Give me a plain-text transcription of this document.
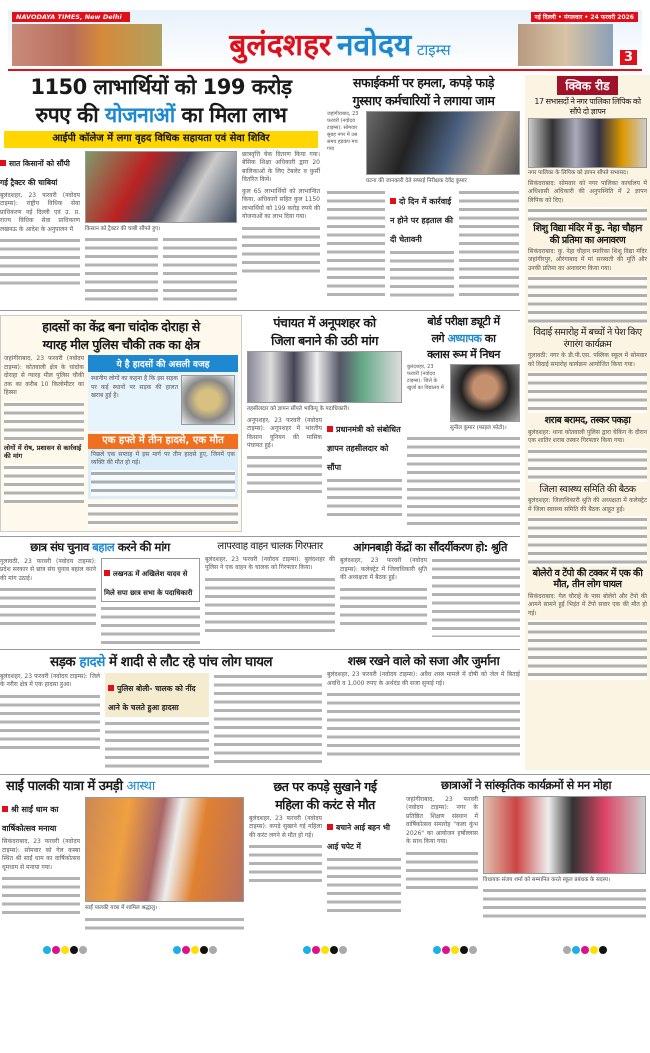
NAVODAYA TIMES, New Delhi	नई दिल्ली • मंगलवार • 24 फरवरी 2026
बुलंदशहर नवोदय टाइम्स	3
1150 लाभार्थियों को 199 करोड़
रुपए की योजनाओं का मिला लाभ
आईपी कॉलेज में लगा वृहद विधिक सहायता एवं सेवा शिविर
सात किसानों को सौंपी गई ट्रैक्टर की चाबियां
बुलंदशहर, 23 फरवरी (नवोदय टाइम्स): राष्ट्रीय विधिक सेवा प्राधिकरण नई दिल्ली एवं उ. प्र. राज्य विधिक सेवा प्राधिकरण लखनऊ के आदेश के अनुपालन में	किसान को ट्रैक्टर की चाबी सौंपते हुए।
छात्रवृत्ति चेक वितरण किया गया। बेसिक शिक्षा अधिकारी द्वारा 20 बालिकाओं के लिए टेबलेट व कुर्सी वितरित किये।
कुल 65 लाभार्थियों को लाभान्वित किया, अधिकारों सहित कुल 1150 लाभार्थियों को 199 करोड़ रुपये की योजनाओं का लाभ दिया गया।
सफाईकर्मी पर हमला, कपड़े फाड़े
गुस्साए कर्मचारियों ने लगाया जाम
जहांगीराबाद, 23 फरवरी (नवोदय टाइम्स): सोमवार सुबह नगर में उस समय हड़कंप मच गया
घटना की जानकारी देते सफाई निरीक्षक देवेंद्र कुमार
दो दिन में कार्रवाई न होने पर हड़ताल की दी चेतावनी
हादसों का केंद्र बना चांदोक दोराहा से
ग्यारह मील पुलिस चौकी तक का क्षेत्र
जहांगीराबाद, 23 फरवरी (नवोदय टाइम्स): कोतवाली क्षेत्र के चांदोक दोराहा से ग्यारह मील पुलिस चौकी तक का करीब 10 किलोमीटर का हिस्सा
लोगों में रोष, प्रशासन से कार्रवाई की मांग
ये है हादसों की असली वजह
स्थानीय लोगों का कहना है कि इस सड़क पर कई स्थानों पर सड़क की हालत खराब हुई है।
एक हफ्ते में तीन हादसे, एक मौत
पिछले एक सप्ताह में इस मार्ग पर तीन हादसे हुए, जिनमें एक व्यक्ति की मौत हो गई।
पंचायत में अनूपशहर को
जिला बनाने की उठी मांग
तहसीलदार को ज्ञापन सौंपते भाकियू के पदाधिकारी।
अनूपशहर, 23 फरवरी (नवोदय टाइम्स): अनूपशहर में भारतीय किसान यूनियन की मासिक पंचायत हुई।
प्रधानमंत्री को संबोधित ज्ञापन तहसीलदार को सौंपा
बोर्ड परीक्षा ड्यूटी में
लगे अध्यापक का
क्लास रूम में निधन
बुलंदशहर, 23 फरवरी (नवोदय टाइम्स): जिले के खुर्जा का विद्यालय में
सुनील कुमार (फाइल फोटो)।
छात्र संघ चुनाव बहाल करने की मांग
गुलावठी, 23 फरवरी (नवोदय टाइम्स): प्रदेश सरकार से छात्र संघ चुनाव बहाल करने की मांग उठाई।
लखनऊ में अखिलेश यादव से मिले सपा छात्र सभा के पदाधिकारी
लापरवाह वाहन चालक गिरफ्तार
बुलंदशहर, 23 फरवरी (नवोदय टाइम्स): बुलंदशहर की पुलिस ने एक वाहन के चालक को गिरफ्तार किया।
आंगनबाड़ी केंद्रों का सौंदर्यीकरण हो: श्रुति
बुलंदशहर, 23 फरवरी (नवोदय टाइम्स): कलेक्ट्रेट में जिलाधिकारी श्रुति की अध्यक्षता में बैठक हुई।
सड़क हादसे में शादी से लौट रहे पांच लोग घायल
बुलंदशहर, 23 फरवरी (नवोदय टाइम्स): जिले के नरौरा क्षेत्र में एक हादसा हुआ।	पुलिस बोली- चालक को नींद आने के चलते हुआ हादसा
शस्त्र रखने वाले को सजा और जुर्माना
बुलंदशहर, 23 फरवरी (नवोदय टाइम्स): अवैध शस्त्र मामले में दोषी को जेल में बिताई अवधि व 1,000 रुपए के अर्थदंड की सजा सुनाई गई।
क्विक रीड
17 सभासदों ने नगर पालिका लिपिक को सौंपे दो ज्ञापन
नगर पालिका के लिपिक को ज्ञापन सौंपते सभासद।
सिकंदराबाद: सोमवार को नगर पालिका कार्यालय में अधिशासी अधिकारी की अनुपस्थिति में 2 ज्ञापन लिपिक को दिए।
शिशु विद्या मंदिर में कु. नेहा चौहान की प्रतिमा का अनावरण
सिकंदराबाद: कु. नेहा चौहान स्मारिका शिशु विद्या मंदिर जहांगीरपुर, औरंगाबाद में मां सरस्वती की मूर्ति और उनकी प्रतिमा का अनावरण किया गया।
विदाई समारोह में बच्चों ने पेश किए रंगारंग कार्यक्रम
गुलावठी: नगर के डी.पी.एस. पब्लिक स्कूल में सोमवार को विदाई समारोह कार्यक्रम आयोजित किया गया।
शराब बरामद, तस्कर पकड़ा
बुलंदशहर: थाना कोतवाली पुलिस द्वारा चेकिंग के दौरान एक शातिर शराब तस्कर गिरफ्तार किया गया।
जिला स्वास्थ्य समिति की बैठक
बुलंदशहर: जिलाधिकारी श्रुति की अध्यक्षता में कलेक्ट्रेट में जिला स्वास्थ्य समिति की बैठक आहूत हुई।
बोलेरो व टेंपो की टक्कर में एक की मौत, तीन लोग घायल
सिकंदराबाद: गेल चौराहे के पास बोलेरो और टेंपो की आमने सामने हुई भिड़ंत में टेंपो सवार एक की मौत हो गई।
साईं पालकी यात्रा में उमड़ी आस्था
श्री साईं धाम का वार्षिकोत्सव मनाया
सिकंदराबाद, 23 फरवरी (नवोदय टाइम्स): सोमवार को गेल कस्बा स्थित श्री साईं धाम का वार्षिकोत्सव धूमधाम से मनाया गया।
साईं पालकी यात्रा में शामिल श्रद्धालु।
छत पर कपड़े सुखाने गई
महिला की करंट से मौत
बुलंदशहर, 23 फरवरी (नवोदय टाइम्स): कपड़े सुखाने गई महिला की करंट लगने से मौत हो गई।
बचाने आई बहन भी आई चपेट में
छात्राओं ने सांस्कृतिक कार्यक्रमों से मन मोहा
जहांगीराबाद, 23 फरवरी (नवोदय टाइम्स): नगर के प्रतिष्ठित शिक्षण संस्थान में वार्षिकोत्सव समारोह "कला कुंभ 2026" का आयोजन हर्षोल्लास के साथ किया गया।
विधायक संजय शर्मा को सम्मानित करते स्कूल प्रबंधक के सदस्य।
